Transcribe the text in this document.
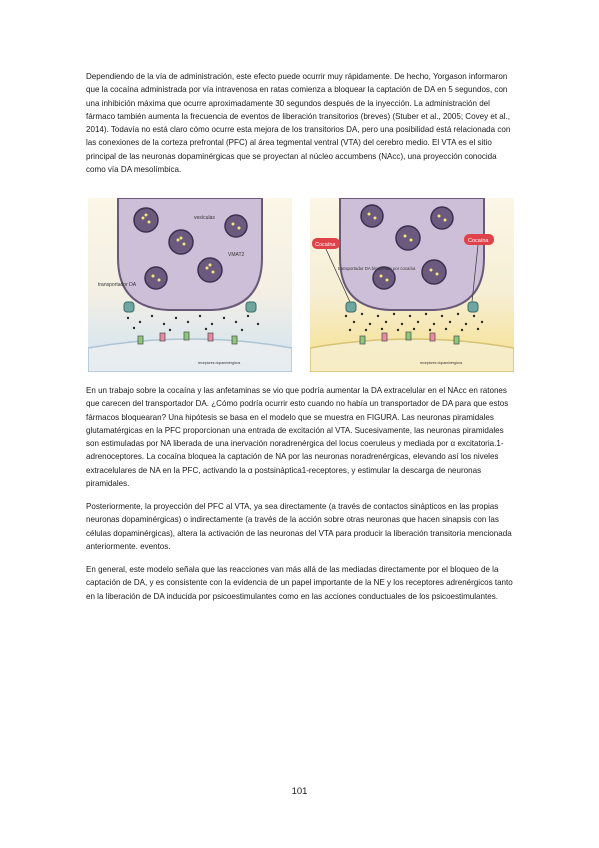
Dependiendo de la vía de administración, este efecto puede ocurrir muy rápidamente. De hecho, Yorgason informaron que la cocaína administrada por vía intravenosa en ratas comienza a bloquear la captación de DA en 5 segundos, con una inhibición máxima que ocurre aproximadamente 30 segundos después de la inyección. La administración del fármaco también aumenta la frecuencia de eventos de liberación transitorios (breves) (Stuber et al., 2005; Covey et al., 2014). Todavía no está claro cómo ocurre esta mejora de los transitorios DA, pero una posibilidad está relacionada con las conexiones de la corteza prefrontal (PFC) al área tegmental ventral (VTA) del cerebro medio. El VTA es el sitio principal de las neuronas dopaminérgicas que se proyectan al núcleo accumbens (NAcc), una proyección conocida como vía DA mesolímbica.

vesículas
VMAT2
transportador DA
receptores dopaminérgicos
Cocaína
Cocaína
transportador DA bloqueado por cocaína
receptores dopaminérgicos

En un trabajo sobre la cocaína y las anfetaminas se vio que podría aumentar la DA extracelular en el NAcc en ratones que carecen del transportador DA. ¿Cómo podría ocurrir esto cuando no había un transportador de DA para que estos fármacos bloquearan? Una hipótesis se basa en el modelo que se muestra en FIGURA. Las neuronas piramidales glutamatérgicas en la PFC proporcionan una entrada de excitación al VTA. Sucesivamente, las neuronas piramidales son estimuladas por NA liberada de una inervación noradrenérgica del locus coeruleus y mediada por α excitatoria.1-adrenoceptores. La cocaína bloquea la captación de NA por las neuronas noradrenérgicas, elevando así los niveles extracelulares de NA en la PFC, activando la α postsináptica1-receptores, y estimular la descarga de neuronas piramidales.

Posteriormente, la proyección del PFC al VTA, ya sea directamente (a través de contactos sinápticos en las propias neuronas dopaminérgicas) o indirectamente (a través de la acción sobre otras neuronas que hacen sinapsis con las células dopaminérgicas), altera la activación de las neuronas del VTA para producir la liberación transitoria mencionada anteriormente. eventos.

En general, este modelo señala que las reacciones van más allá de las mediadas directamente por el bloqueo de la captación de DA, y es consistente con la evidencia de un papel importante de la NE y los receptores adrenérgicos tanto en la liberación de DA inducida por psicoestimulantes como en las acciones conductuales de los psicoestimulantes.

101
